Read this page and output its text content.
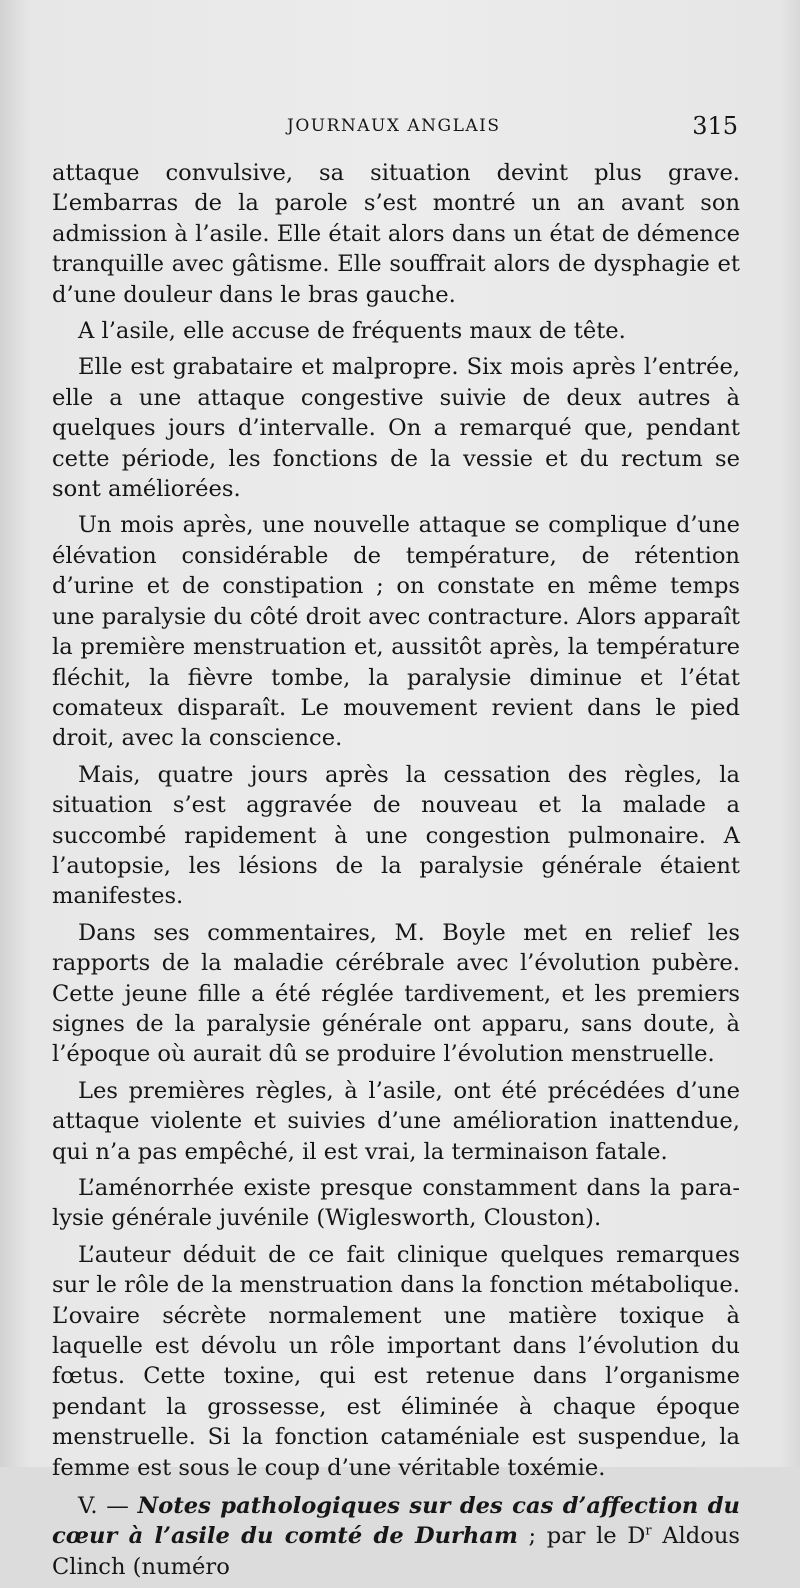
JOURNAUX ANGLAIS	315

attaque convulsive, sa situation devint plus grave. L’embarras de la parole s’est montré un an avant son admission à l’asile. Elle était alors dans un état de démence tranquille avec gâtisme. Elle souffrait alors de dysphagie et d’une douleur dans le bras gauche.

A l’asile, elle accuse de fréquents maux de tête.

Elle est grabataire et malpropre. Six mois après l’entrée, elle a une attaque congestive suivie de deux autres à quelques jours d’intervalle. On a remarqué que, pendant cette période, les fonctions de la vessie et du rectum se sont améliorées.

Un mois après, une nouvelle attaque se complique d’une élévation considérable de température, de rétention d’urine et de constipation ; on constate en même temps une paralysie du côté droit avec contracture. Alors apparaît la première menstruation et, aussitôt après, la température fléchit, la fièvre tombe, la paralysie diminue et l’état comateux disparaît. Le mouvement revient dans le pied droit, avec la conscience.

Mais, quatre jours après la cessation des règles, la situation s’est aggravée de nouveau et la malade a succombé rapidement à une congestion pulmonaire. A l’autopsie, les lésions de la paralysie générale étaient manifestes.

Dans ses commentaires, M. Boyle met en relief les rapports de la maladie cérébrale avec l’évolution pubère. Cette jeune fille a été réglée tardivement, et les premiers signes de la paralysie générale ont apparu, sans doute, à l’époque où aurait dû se produire l’évolution menstruelle.

Les premières règles, à l’asile, ont été précédées d’une attaque violente et suivies d’une amélioration inattendue, qui n’a pas empêché, il est vrai, la terminaison fatale.

L’aménorrhée existe presque constamment dans la paralysie générale juvénile (Wiglesworth, Clouston).

L’auteur déduit de ce fait clinique quelques remarques sur le rôle de la menstruation dans la fonction métabolique. L’ovaire sécrète normalement une matière toxique à laquelle est dévolu un rôle important dans l’évolution du fœtus. Cette toxine, qui est retenue dans l’organisme pendant la grossesse, est éliminée à chaque époque menstruelle. Si la fonction cataméniale est suspendue, la femme est sous le coup d’une véritable toxémie.

V. — Notes pathologiques sur des cas d’affection du cœur à l’asile du comté de Durham ; par le $D^r$ Aldous Clinch (numéro
